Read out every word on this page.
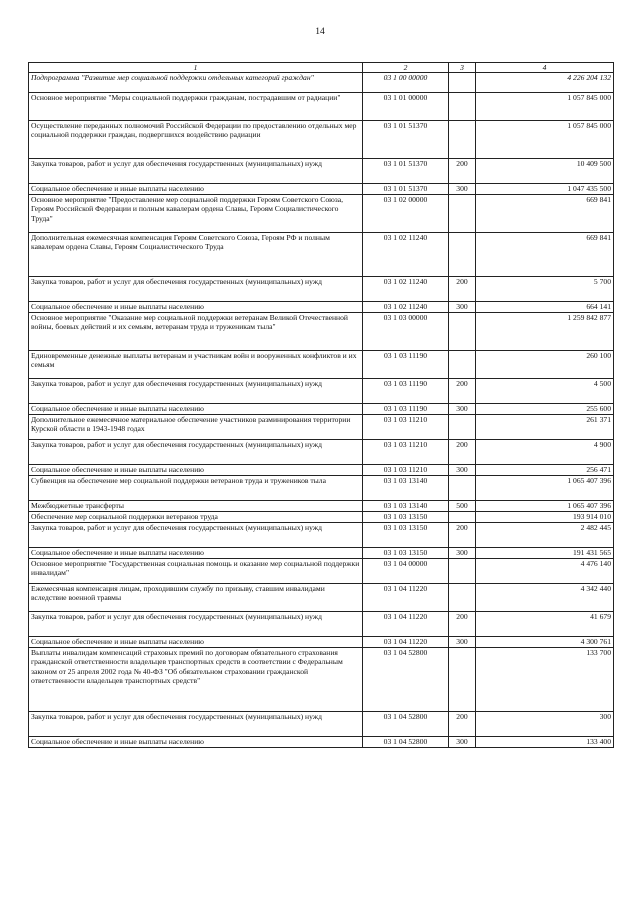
14
1	2	3	4
Подпрограмма "Развитие мер социальной поддержки отдельных категорий граждан"	03 1 00 00000		4 226 204 132
Основное мероприятие "Меры социальной поддержки гражданам, пострадавшим от радиации"	03 1 01 00000		1 057 845 000
Осуществление переданных полномочий Российской Федерации по предоставлению отдельных мер социальной поддержки граждан, подвергшихся воздействию радиации	03 1 01 51370		1 057 845 000
Закупка товаров, работ и услуг для обеспечения государственных (муниципальных) нужд	03 1 01 51370	200	10 409 500
Социальное обеспечение и иные выплаты населению	03 1 01 51370	300	1 047 435 500
Основное мероприятие "Предоставление мер социальной поддержки Героям Советского Союза, Героям Российской Федерации и полным кавалерам ордена Славы, Героям Социалистического Труда"	03 1 02 00000		669 841
Дополнительная ежемесячная компенсация Героям Советского Союза, Героям РФ и полным кавалерам ордена Славы, Героям Социалистического Труда	03 1 02 11240		669 841
Закупка товаров, работ и услуг для обеспечения государственных (муниципальных) нужд	03 1 02 11240	200	5 700
Социальное обеспечение и иные выплаты населению	03 1 02 11240	300	664 141
Основное мероприятие "Оказание мер социальной поддержки ветеранам Великой Отечественной войны, боевых действий и их семьям, ветеранам труда и труженикам тыла"	03 1 03 00000		1 259 842 877
Единовременные денежные выплаты ветеранам и участникам войн и вооруженных конфликтов и их семьям	03 1 03 11190		260 100
Закупка товаров, работ и услуг для обеспечения государственных (муниципальных) нужд	03 1 03 11190	200	4 500
Социальное обеспечение и иные выплаты населению	03 1 03 11190	300	255 600
Дополнительное ежемесячное материальное обеспечение участников разминирования территории Курской области в 1943-1948 годах	03 1 03 11210		261 371
Закупка товаров, работ и услуг для обеспечения государственных (муниципальных) нужд	03 1 03 11210	200	4 900
Социальное обеспечение и иные выплаты населению	03 1 03 11210	300	256 471
Субвенция на обеспечение мер социальной поддержки ветеранов труда и тружеников тыла	03 1 03 13140		1 065 407 396
Межбюджетные трансферты	03 1 03 13140	500	1 065 407 396
Обеспечение мер социальной поддержки ветеранов труда	03 1 03 13150		193 914 010
Закупка товаров, работ и услуг для обеспечения государственных (муниципальных) нужд	03 1 03 13150	200	2 482 445
Социальное обеспечение и иные выплаты населению	03 1 03 13150	300	191 431 565
Основное мероприятие "Государственная социальная помощь и оказание мер социальной поддержки инвалидам"	03 1 04 00000		4 476 140
Ежемесячная компенсация лицам, проходившим службу по призыву, ставшим инвалидами вследствие военной травмы	03 1 04 11220		4 342 440
Закупка товаров, работ и услуг для обеспечения государственных (муниципальных) нужд	03 1 04 11220	200	41 679
Социальное обеспечение и иные выплаты населению	03 1 04 11220	300	4 300 761
Выплаты инвалидам компенсаций страховых премий по договорам обязательного страхования гражданской ответственности владельцев транспортных средств в соответствии с Федеральным законом от 25 апреля 2002 года № 40-ФЗ "Об обязательном страховании гражданской ответственности владельцев транспортных средств"	03 1 04 52800		133 700
Закупка товаров, работ и услуг для обеспечения государственных (муниципальных) нужд	03 1 04 52800	200	300
Социальное обеспечение и иные выплаты населению	03 1 04 52800	300	133 400
